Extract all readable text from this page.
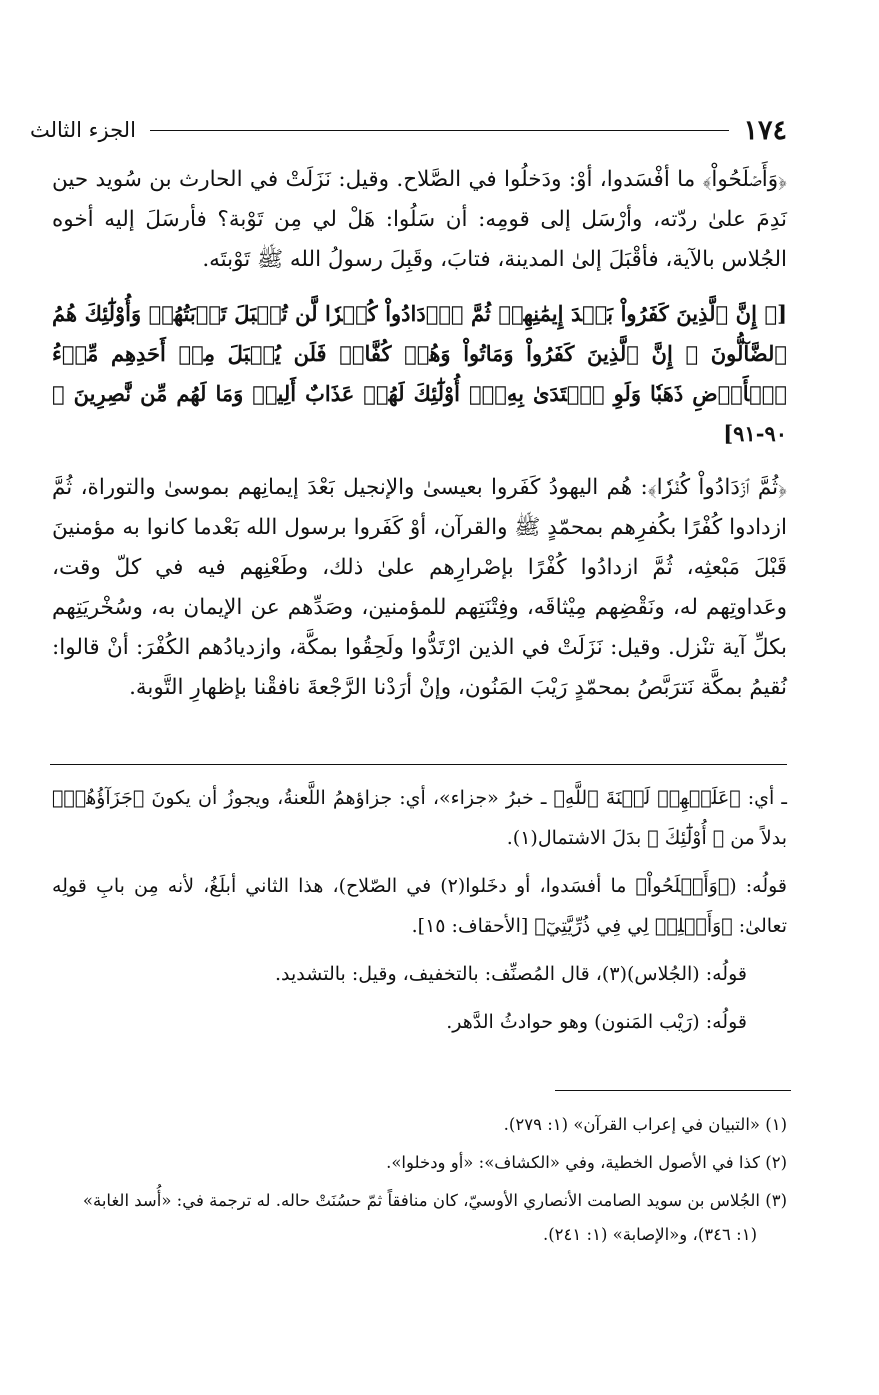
١٧٤
الجزء الثالث

﴿وَأَصۡلَحُواْ﴾ ما أفْسَدوا، أوْ: ودَخلُوا في الصَّلاح. وقيل: نَزَلَتْ في الحارث بن سُويد حين نَدِمَ علىٰ ردّته، وأرْسَل إلى قومِه: أن سَلُوا: هَلْ لي مِن تَوْبة؟ فأرسَلَ إليه أخوه الجُلاس بالآية، فأقْبَلَ إلىٰ المدينة، فتابَ، وقَبِلَ رسولُ الله ﷺ تَوْبتَه.

[﴿ إِنَّ ٱلَّذِينَ كَفَرُواْ بَعۡدَ إِيمَٰنِهِمۡ ثُمَّ ٱزۡدَادُواْ كُفۡرٗا لَّن تُقۡبَلَ تَوۡبَتُهُمۡ وَأُوْلَٰٓئِكَ هُمُ ٱلضَّآلُّونَ ۞ إِنَّ ٱلَّذِينَ كَفَرُواْ وَمَاتُواْ وَهُمۡ كُفَّارٞ فَلَن يُقۡبَلَ مِنۡ أَحَدِهِم مِّلۡءُ ٱلۡأَرۡضِ ذَهَبٗا وَلَوِ ٱفۡتَدَىٰ بِهِۦٓۗ أُوْلَٰٓئِكَ لَهُمۡ عَذَابٌ أَلِيمٞ وَمَا لَهُم مِّن نَّٰصِرِينَ ﴾ ٩٠-٩١]

﴿ثُمَّ ٱزۡدَادُواْ كُفۡرٗا﴾: هُم اليهودُ كَفَروا بعيسىٰ والإنجيل بَعْدَ إيمانِهم بموسىٰ والتوراة، ثُمَّ ازدادوا كُفْرًا بكُفرِهم بمحمّدٍ ﷺ والقرآن، أوْ كَفَروا برسول الله بَعْدما كانوا به مؤمنينَ قَبْلَ مَبْعثِه، ثُمَّ ازدادُوا كُفْرًا بإصْرارِهم علىٰ ذلك، وطَعْنِهم فيه في كلّ وقت، وعَداوتِهم له، ونَقْضِهم مِيْثاقَه، وفِتْنَتِهم للمؤمنين، وصَدِّهم عن الإيمان به، وسُخْريَتِهم بكلِّ آية تنْزل. وقيل: نَزَلَتْ في الذين ارْتَدُّوا ولَحِقُوا بمكَّة، وازديادُهم الكُفْرَ: أنْ قالوا: نُقيمُ بمكَّة نَترَبَّصُ بمحمّدٍ رَيْبَ المَنُون، وإنْ أرَدْنا الرَّجْعةَ نافقْنا بإظهارِ التَّوبة.

ـ أي: ﴿عَلَيۡهِمۡ لَعۡنَةَ ٱللَّهِ﴾ ـ خبرُ «جزاء»، أي: جزاؤهمُ اللَّعنةُ، ويجوزُ أن يكونَ ﴿جَزَآؤُهُمۡ﴾ بدلاً من ﴿ أُوْلَٰٓئِكَ ﴾ بدَلَ الاشتمال(١).

قولُه: (﴿وَأَصۡلَحُواْ﴾ ما أفسَدوا، أو دخَلوا(٢) في الصّلاح)، هذا الثاني أبلَغُ، لأنه مِن بابِ قولِه تعالىٰ: ﴿وَأَصۡلِحۡ لِي فِي ذُرِّيَّتِيٓ﴾ [الأحقاف: ١٥].

قولُه: (الجُلاس)(٣)، قال المُصنِّف: بالتخفيف، وقيل: بالتشديد.

قولُه: (رَيْب المَنون) وهو حوادثُ الدَّهر.

(١) «التبيان في إعراب القرآن» (١: ٢٧٩).

(٢) كذا في الأصول الخطية، وفي «الكشاف»: «أو ودخلوا».

(٣) الجُلاس بن سويد الصامت الأنصاري الأوسيّ، كان منافقاً ثمّ حسُنَتْ حاله. له ترجمة في: «أُسد الغابة»

(١: ٣٤٦)، و«الإصابة» (١: ٢٤١).
